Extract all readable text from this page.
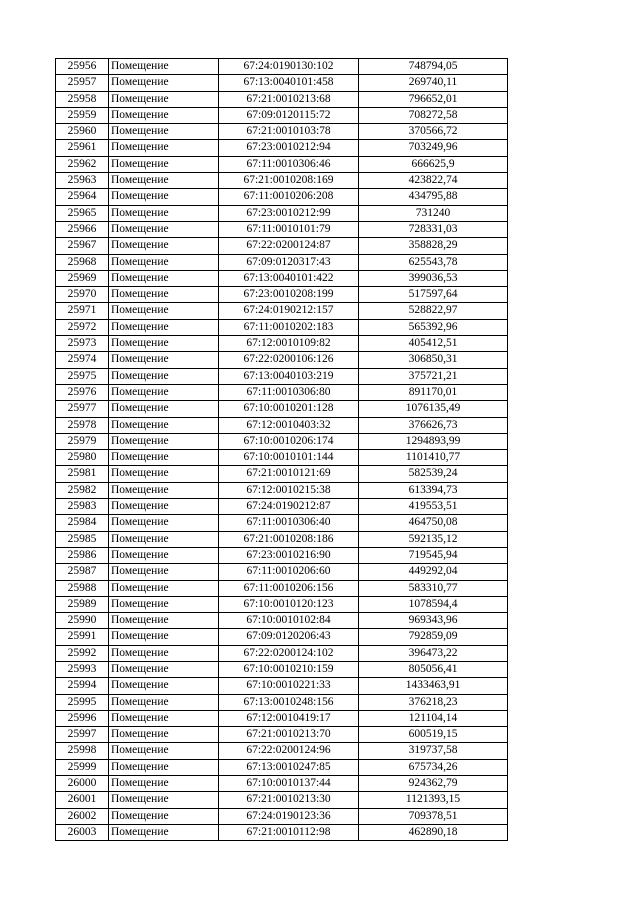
25956	Помещение	67:24:0190130:102	748794,05
25957	Помещение	67:13:0040101:458	269740,11
25958	Помещение	67:21:0010213:68	796652,01
25959	Помещение	67:09:0120115:72	708272,58
25960	Помещение	67:21:0010103:78	370566,72
25961	Помещение	67:23:0010212:94	703249,96
25962	Помещение	67:11:0010306:46	666625,9
25963	Помещение	67:21:0010208:169	423822,74
25964	Помещение	67:11:0010206:208	434795,88
25965	Помещение	67:23:0010212:99	731240
25966	Помещение	67:11:0010101:79	728331,03
25967	Помещение	67:22:0200124:87	358828,29
25968	Помещение	67:09:0120317:43	625543,78
25969	Помещение	67:13:0040101:422	399036,53
25970	Помещение	67:23:0010208:199	517597,64
25971	Помещение	67:24:0190212:157	528822,97
25972	Помещение	67:11:0010202:183	565392,96
25973	Помещение	67:12:0010109:82	405412,51
25974	Помещение	67:22:0200106:126	306850,31
25975	Помещение	67:13:0040103:219	375721,21
25976	Помещение	67:11:0010306:80	891170,01
25977	Помещение	67:10:0010201:128	1076135,49
25978	Помещение	67:12:0010403:32	376626,73
25979	Помещение	67:10:0010206:174	1294893,99
25980	Помещение	67:10:0010101:144	1101410,77
25981	Помещение	67:21:0010121:69	582539,24
25982	Помещение	67:12:0010215:38	613394,73
25983	Помещение	67:24:0190212:87	419553,51
25984	Помещение	67:11:0010306:40	464750,08
25985	Помещение	67:21:0010208:186	592135,12
25986	Помещение	67:23:0010216:90	719545,94
25987	Помещение	67:11:0010206:60	449292,04
25988	Помещение	67:11:0010206:156	583310,77
25989	Помещение	67:10:0010120:123	1078594,4
25990	Помещение	67:10:0010102:84	969343,96
25991	Помещение	67:09:0120206:43	792859,09
25992	Помещение	67:22:0200124:102	396473,22
25993	Помещение	67:10:0010210:159	805056,41
25994	Помещение	67:10:0010221:33	1433463,91
25995	Помещение	67:13:0010248:156	376218,23
25996	Помещение	67:12:0010419:17	121104,14
25997	Помещение	67:21:0010213:70	600519,15
25998	Помещение	67:22:0200124:96	319737,58
25999	Помещение	67:13:0010247:85	675734,26
26000	Помещение	67:10:0010137:44	924362,79
26001	Помещение	67:21:0010213:30	1121393,15
26002	Помещение	67:24:0190123:36	709378,51
26003	Помещение	67:21:0010112:98	462890,18
